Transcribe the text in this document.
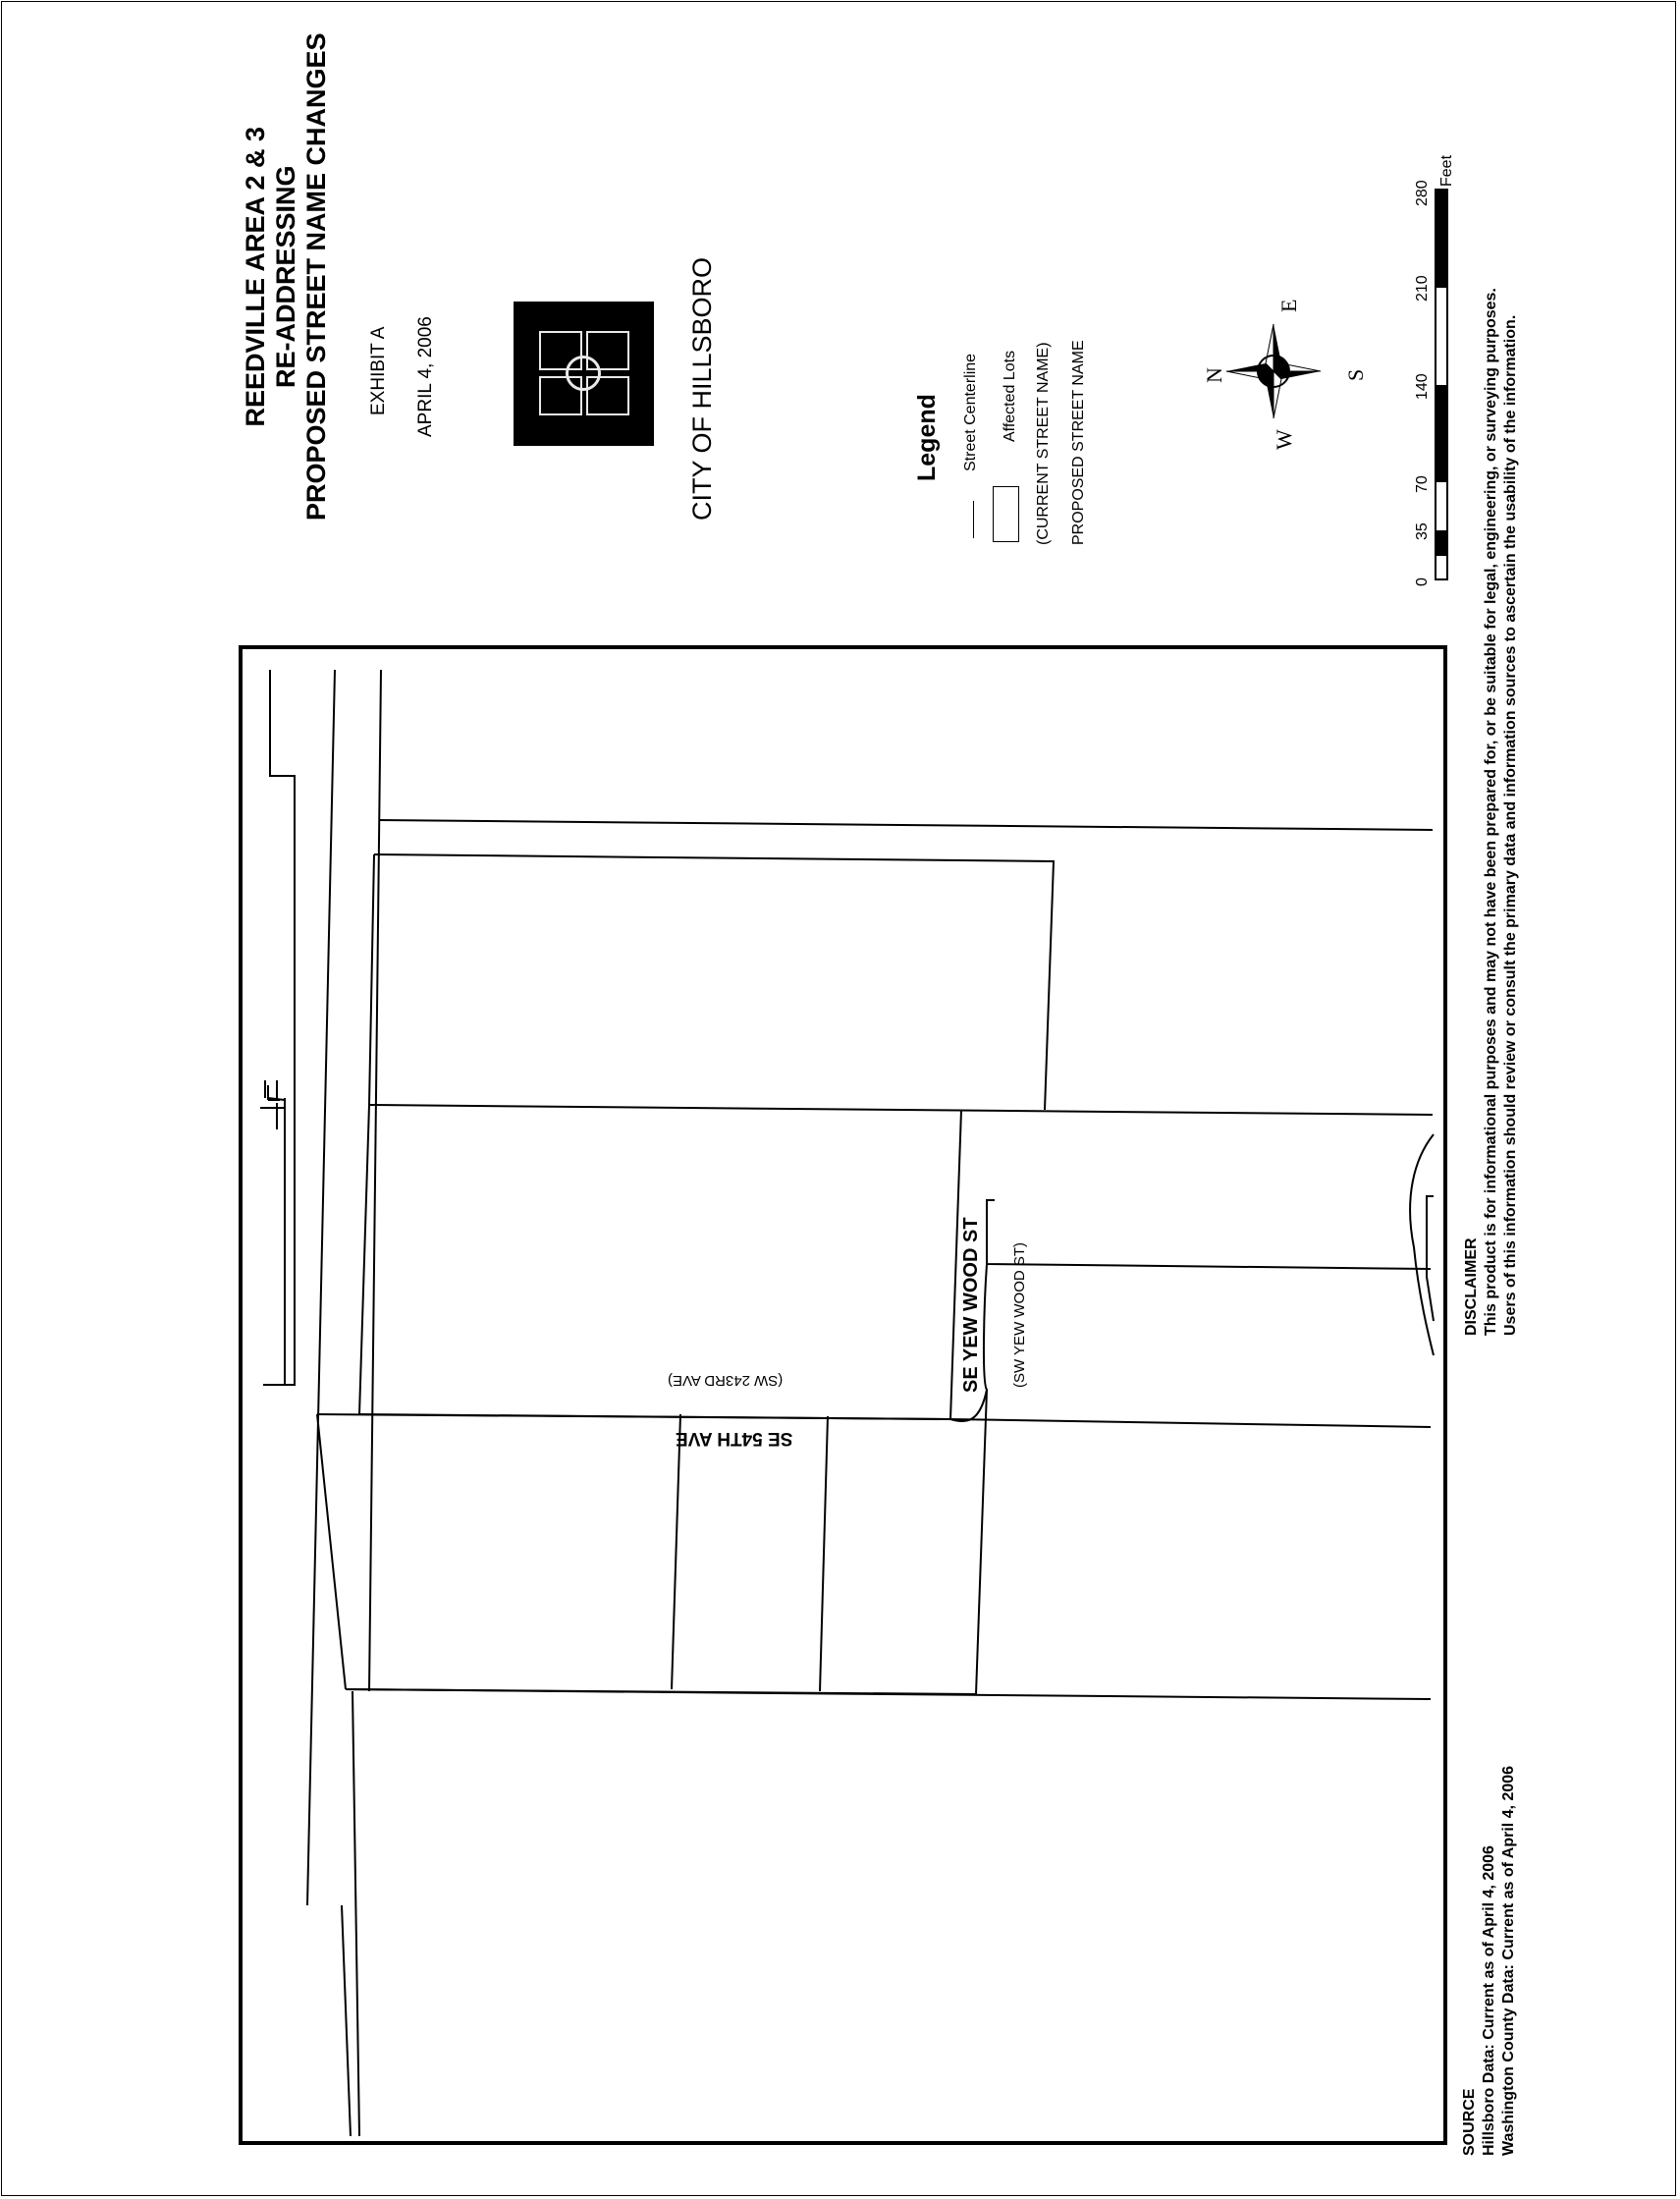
REEDVILLE AREA 2 & 3 RE-ADDRESSING PROPOSED STREET NAME CHANGES EXHIBIT A APRIL 4, 2006	CITY OF HILLSBORO	Legend Street Centerline Affected Lots (CURRENT STREET NAME) PROPOSED STREET NAME	N
E
S
W
0
35
70
140
210
280
Feet
SE YEW WOOD ST (SW YEW WOOD ST)
SE 54TH AVE
(SW 243RD AVE)
DISCLAIMER This product is for informational purposes and may not have been prepared for, or be suitable for legal, engineering, or surveying purposes. Users of this information should review or consult the primary data and information sources to ascertain the usability of the information.
SOURCE Hillsboro Data: Current as of April 4, 2006 Washington County Data: Current as of April 4, 2006
